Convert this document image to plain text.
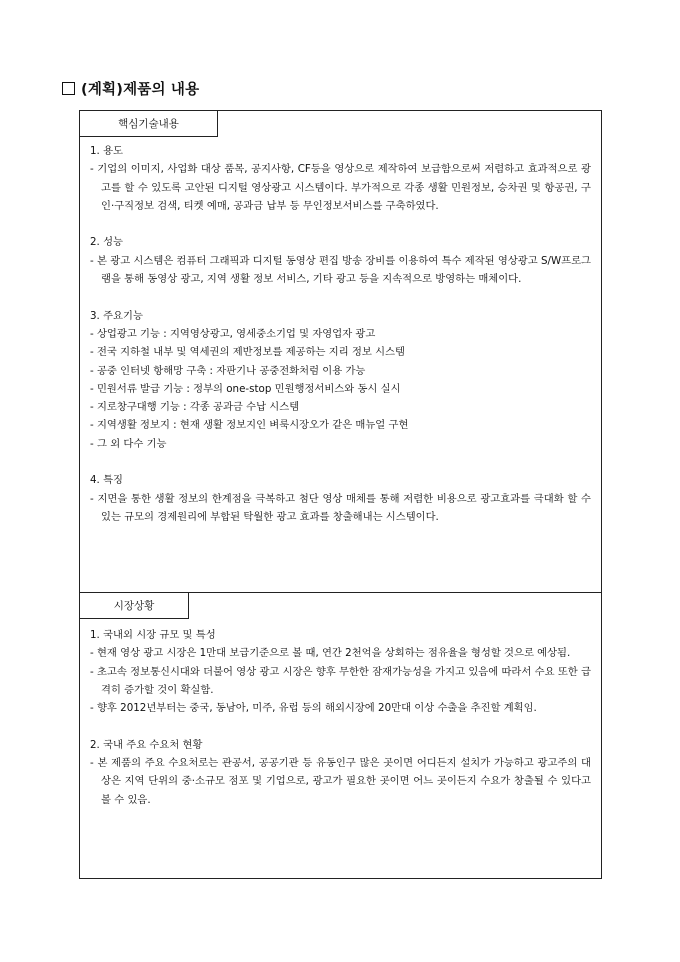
(계획)제품의 내용
핵심기술내용

1. 용도

- 기업의 이미지, 사업화 대상 품목, 공지사항, CF등을 영상으로 제작하여 보급함으로써 저렴하고 효과적으로 광고를 할 수 있도록 고안된 디지털 영상광고 시스템이다. 부가적으로 각종 생활 민원정보, 승차권 및 항공권, 구인·구직정보 검색, 티켓 예매, 공과금 납부 등 무인정보서비스를 구축하였다.

2. 성능

- 본 광고 시스템은 컴퓨터 그래픽과 디지털 동영상 편집 방송 장비를 이용하여 특수 제작된 영상광고 S/W프로그램을 통해 동영상 광고, 지역 생활 정보 서비스, 기타 광고 등을 지속적으로 방영하는 매체이다.

3. 주요기능

- 상업광고 기능 : 지역영상광고, 영세중소기업 및 자영업자 광고

- 전국 지하철 내부 및 역세권의 제반정보를 제공하는 지리 정보 시스템

- 공중 인터넷 항해망 구축 : 자판기나 공중전화처럼 이용 가능

- 민원서류 발급 기능 : 정부의 one-stop 민원행정서비스와 동시 실시

- 지로창구대행 기능 : 각종 공과금 수납 시스템

- 지역생활 정보지 : 현재 생활 정보지인 벼룩시장오가 같은 매뉴얼 구현

- 그 외 다수 기능

4. 특징

- 지면을 통한 생활 정보의 한계점을 극복하고 첨단 영상 매체를 통해 저렴한 비용으로 광고효과를 극대화 할 수 있는 규모의 경제원리에 부합된 탁월한 광고 효과를 창출해내는 시스템이다.

시장상황

1. 국내외 시장 규모 및 특성

- 현재 영상 광고 시장은 1만대 보급기준으로 볼 때, 연간 2천억을 상회하는 점유율을 형성할 것으로 예상됨.

- 초고속 정보통신시대와 더불어 영상 광고 시장은 향후 무한한 잠재가능성을 가지고 있음에 따라서 수요 또한 급격히 증가할 것이 확실함.

- 향후 2012년부터는 중국, 동남아, 미주, 유럽 등의 해외시장에 20만대 이상 수출을 추진할 계획임.

2. 국내 주요 수요처 현황

- 본 제품의 주요 수요처로는 관공서, 공공기관 등 유동인구 많은 곳이면 어디든지 설치가 가능하고 광고주의 대상은 지역 단위의 중·소규모 점포 및 기업으로, 광고가 필요한 곳이면 어느 곳이든지 수요가 창출될 수 있다고 볼 수 있음.
